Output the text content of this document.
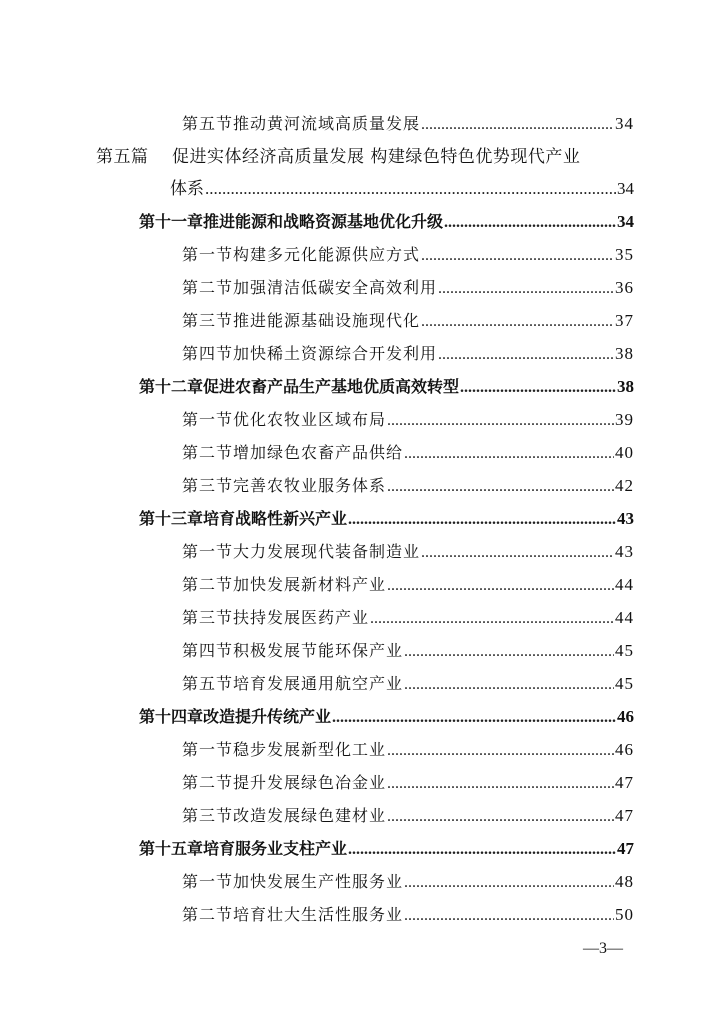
第五节 推动黄河流域高质量发展 .....	34
第五篇 促进实体经济高质量发展 构建绿色特色优势现代产业
体系 .....	34
第十一章 推进能源和战略资源基地优化升级 .....	34
第一节 构建多元化能源供应方式 .....	35
第二节 加强清洁低碳安全高效利用 .....	36
第三节 推进能源基础设施现代化 .....	37
第四节 加快稀土资源综合开发利用 .....	38
第十二章 促进农畜产品生产基地优质高效转型 .....	38
第一节 优化农牧业区域布局 .....	39
第二节 增加绿色农畜产品供给 .....	40
第三节 完善农牧业服务体系 .....	42
第十三章 培育战略性新兴产业 .....	43
第一节 大力发展现代装备制造业 .....	43
第二节 加快发展新材料产业 .....	44
第三节 扶持发展医药产业 .....	44
第四节 积极发展节能环保产业 .....	45
第五节 培育发展通用航空产业 .....	45
第十四章 改造提升传统产业 .....	46
第一节 稳步发展新型化工业 .....	46
第二节 提升发展绿色冶金业 .....	47
第三节 改造发展绿色建材业 .....	47
第十五章 培育服务业支柱产业 .....	47
第一节 加快发展生产性服务业 .....	48
第二节 培育壮大生活性服务业 .....	50
—3—
